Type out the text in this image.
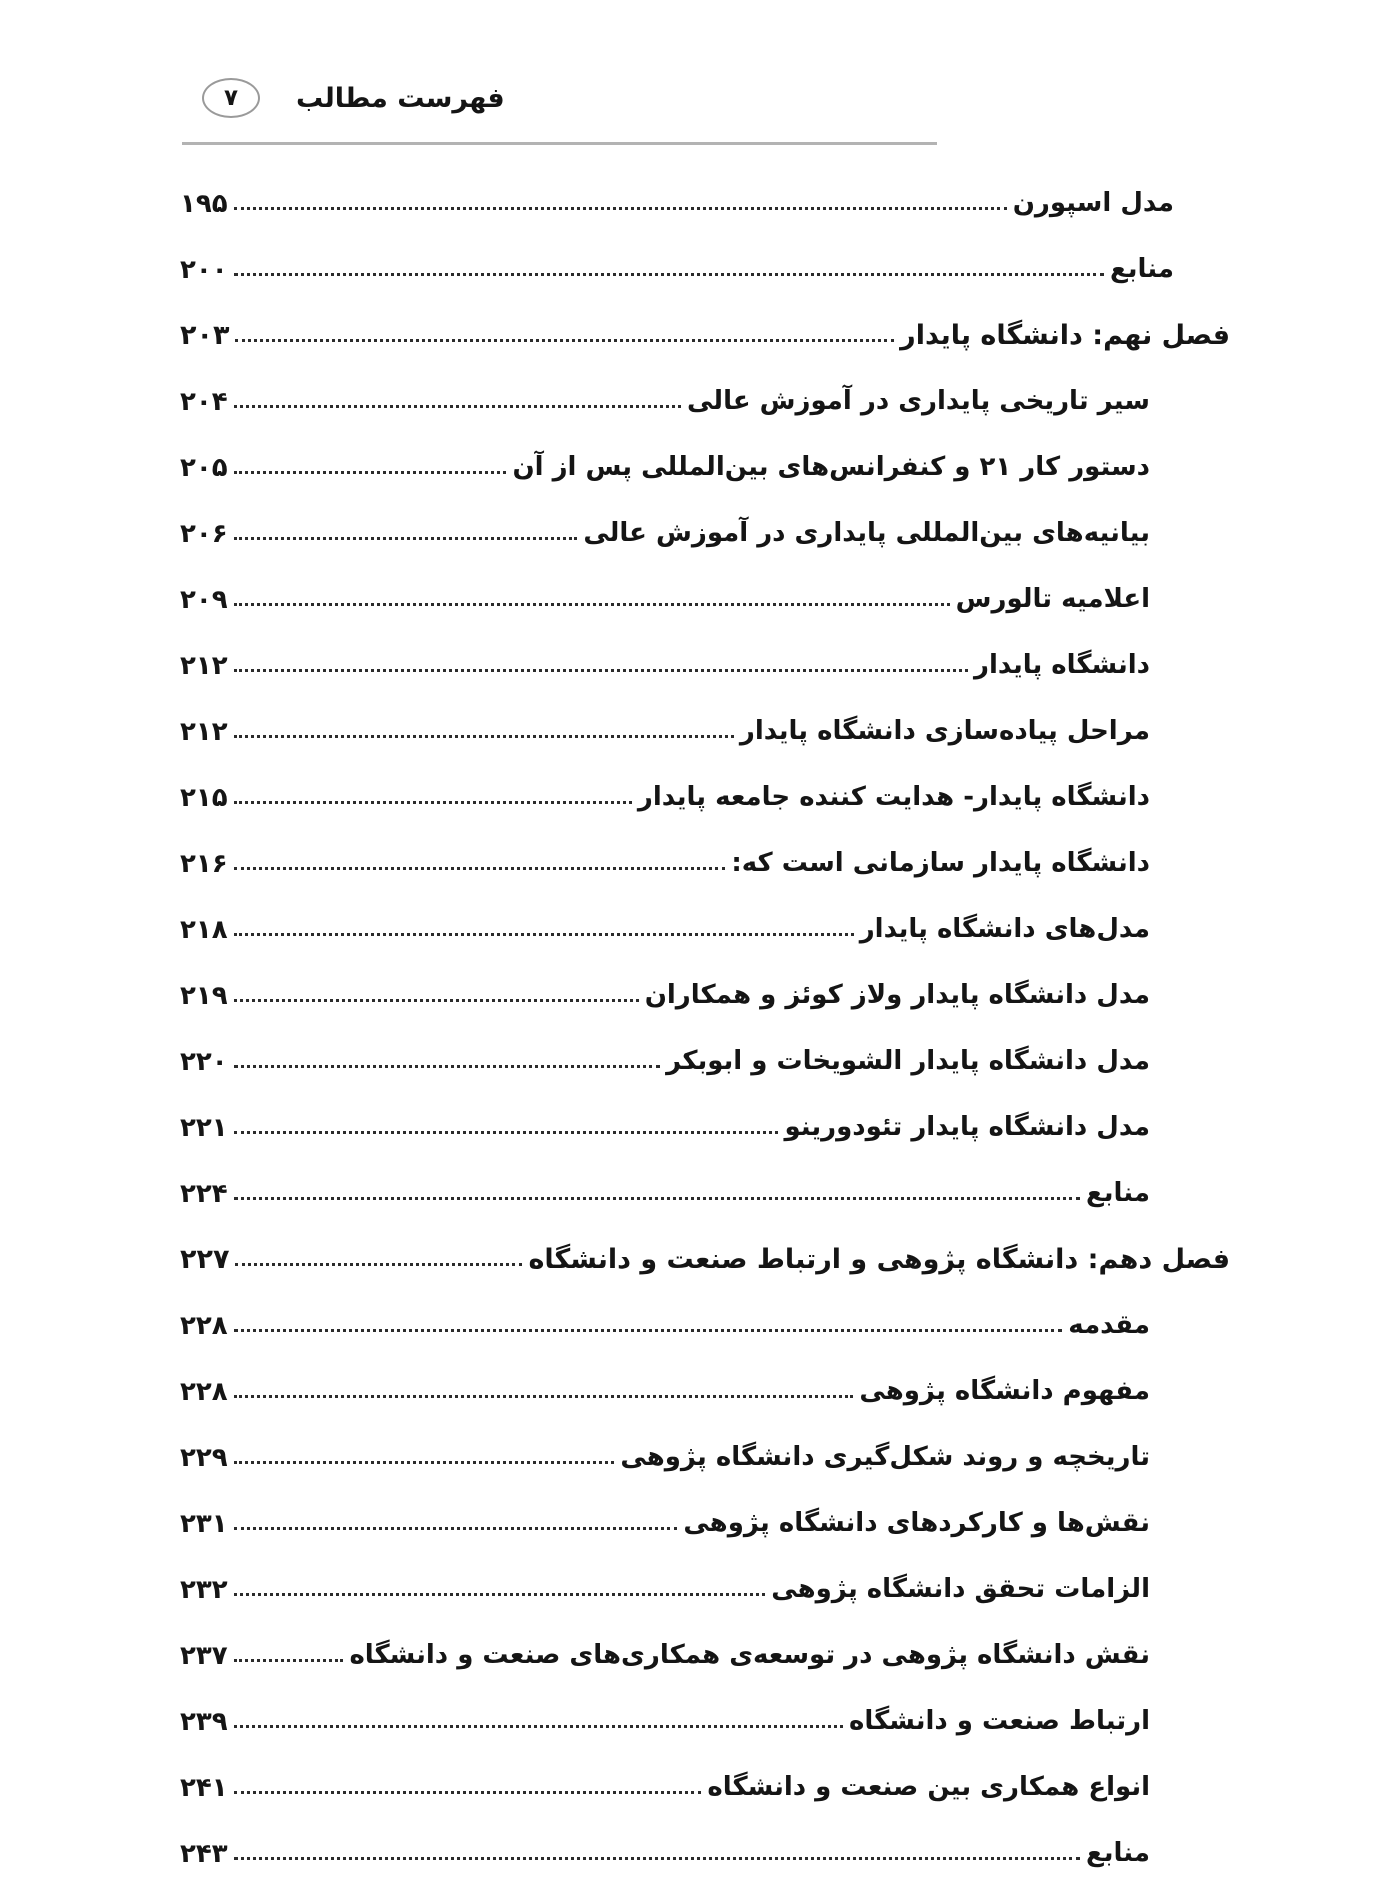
فهرست مطالب
۷
مدل اسپورن
۱۹۵
منابع
۲۰۰
فصل نهم: دانشگاه پایدار
۲۰۳
سیر تاریخی پایداری در آموزش عالی
۲۰۴
دستور کار ۲۱ و کنفرانس‌های بین‌المللی پس از آن
۲۰۵
بیانیه‌های بین‌المللی پایداری در آموزش عالی
۲۰۶
اعلامیه تالورس
۲۰۹
دانشگاه پایدار
۲۱۲
مراحل پیاده‌سازی دانشگاه پایدار
۲۱۲
دانشگاه پایدار- هدایت کننده جامعه پایدار
۲۱۵
دانشگاه پایدار سازمانی است که:
۲۱۶
مدل‌های دانشگاه پایدار
۲۱۸
مدل دانشگاه پایدار ولاز کوئز و همکاران
۲۱۹
مدل دانشگاه پایدار الشویخات و ابوبکر
۲۲۰
مدل دانشگاه پایدار تئودورینو
۲۲۱
منابع
۲۲۴
فصل دهم: دانشگاه پژوهی و ارتباط صنعت و دانشگاه
۲۲۷
مقدمه
۲۲۸
مفهوم دانشگاه پژوهی
۲۲۸
تاریخچه و روند شکل‌گیری دانشگاه پژوهی
۲۲۹
نقش‌ها و کارکردهای دانشگاه پژوهی
۲۳۱
الزامات تحقق دانشگاه پژوهی
۲۳۲
نقش دانشگاه پژوهی در توسعه‌ی همکاری‌های صنعت و دانشگاه
۲۳۷
ارتباط صنعت و دانشگاه
۲۳۹
انواع همکاری بین صنعت و دانشگاه
۲۴۱
منابع
۲۴۳
